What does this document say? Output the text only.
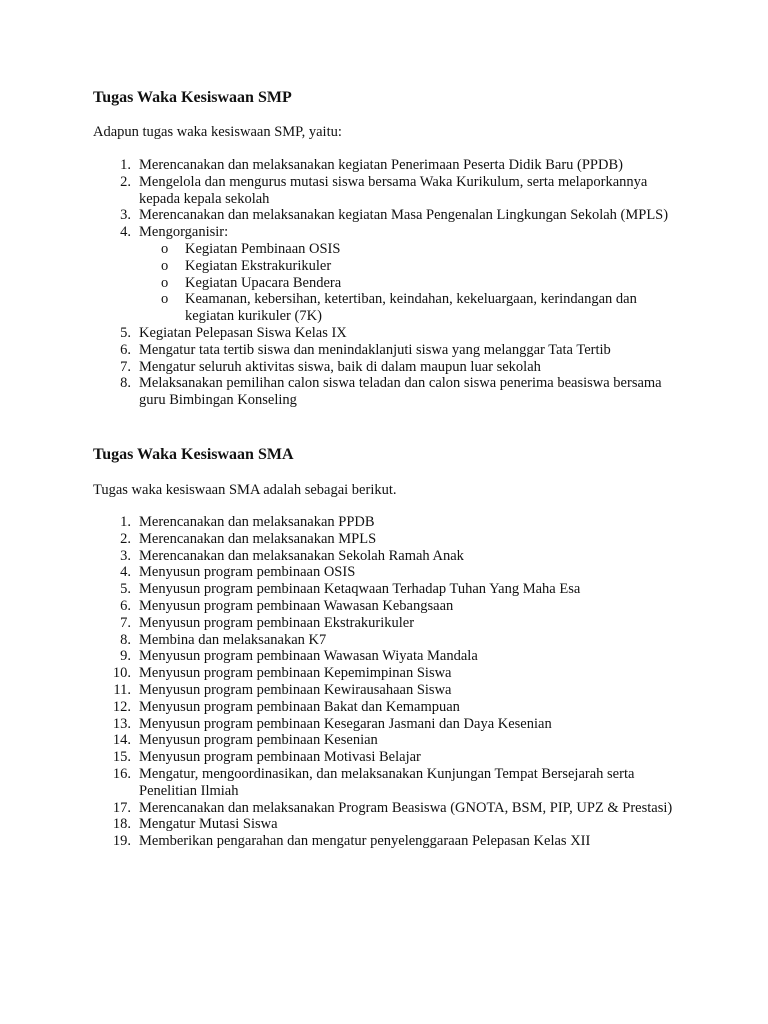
Tugas Waka Kesiswaan SMP

Adapun tugas waka kesiswaan SMP, yaitu:

1. Merencanakan dan melaksanakan kegiatan Penerimaan Peserta Didik Baru (PPDB)
2. Mengelola dan mengurus mutasi siswa bersama Waka Kurikulum, serta melaporkannya kepada kepala sekolah
3. Merencanakan dan melaksanakan kegiatan Masa Pengenalan Lingkungan Sekolah (MPLS)
4. Mengorganisir:
o Kegiatan Pembinaan OSIS
o Kegiatan Ekstrakurikuler
o Kegiatan Upacara Bendera
o Keamanan, kebersihan, ketertiban, keindahan, kekeluargaan, kerindangan dan kegiatan kurikuler (7K)
5. Kegiatan Pelepasan Siswa Kelas IX
6. Mengatur tata tertib siswa dan menindaklanjuti siswa yang melanggar Tata Tertib
7. Mengatur seluruh aktivitas siswa, baik di dalam maupun luar sekolah
8. Melaksanakan pemilihan calon siswa teladan dan calon siswa penerima beasiswa bersama guru Bimbingan Konseling
Tugas Waka Kesiswaan SMA

Tugas waka kesiswaan SMA adalah sebagai berikut.

1. Merencanakan dan melaksanakan PPDB
2. Merencanakan dan melaksanakan MPLS
3. Merencanakan dan melaksanakan Sekolah Ramah Anak
4. Menyusun program pembinaan OSIS
5. Menyusun program pembinaan Ketaqwaan Terhadap Tuhan Yang Maha Esa
6. Menyusun program pembinaan Wawasan Kebangsaan
7. Menyusun program pembinaan Ekstrakurikuler
8. Membina dan melaksanakan K7
9. Menyusun program pembinaan Wawasan Wiyata Mandala
10. Menyusun program pembinaan Kepemimpinan Siswa
11. Menyusun program pembinaan Kewirausahaan Siswa
12. Menyusun program pembinaan Bakat dan Kemampuan
13. Menyusun program pembinaan Kesegaran Jasmani dan Daya Kesenian
14. Menyusun program pembinaan Kesenian
15. Menyusun program pembinaan Motivasi Belajar
16. Mengatur, mengoordinasikan, dan melaksanakan Kunjungan Tempat Bersejarah serta Penelitian Ilmiah
17. Merencanakan dan melaksanakan Program Beasiswa (GNOTA, BSM, PIP, UPZ & Prestasi)
18. Mengatur Mutasi Siswa
19. Memberikan pengarahan dan mengatur penyelenggaraan Pelepasan Kelas XII
